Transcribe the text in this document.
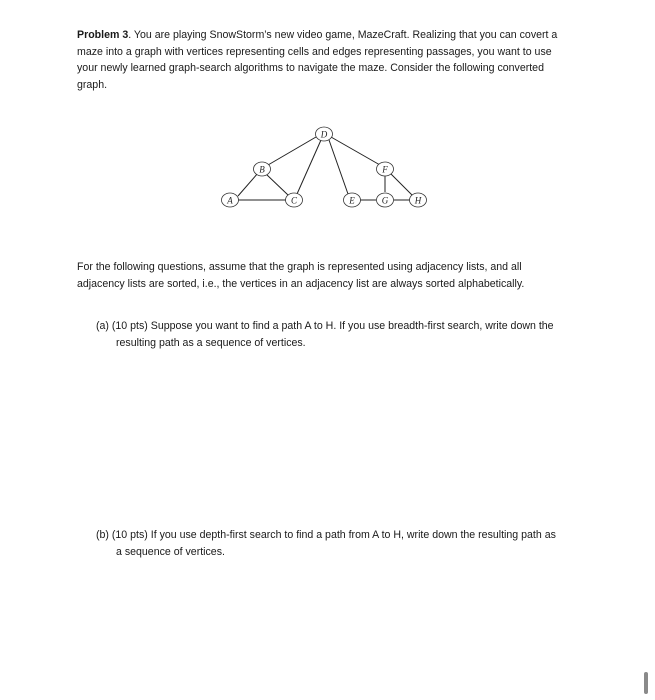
Problem 3. You are playing SnowStorm’s new video game, MazeCraft. Realizing that you can covert a
maze into a graph with vertices representing cells and edges representing passages, you want to use
your newly learned graph-search algorithms to navigate the maze. Consider the following converted
graph.
A
B
C
D
E
F
G	H
For the following questions, assume that the graph is represented using adjacency lists, and all
adjacency lists are sorted, i.e., the vertices in an adjacency list are always sorted alphabetically.
(a) (10 pts) Suppose you want to find a path A to H. If you use breadth-first search, write down the
resulting path as a sequence of vertices.
(b) (10 pts) If you use depth-first search to find a path from A to H, write down the resulting path as
a sequence of vertices.
